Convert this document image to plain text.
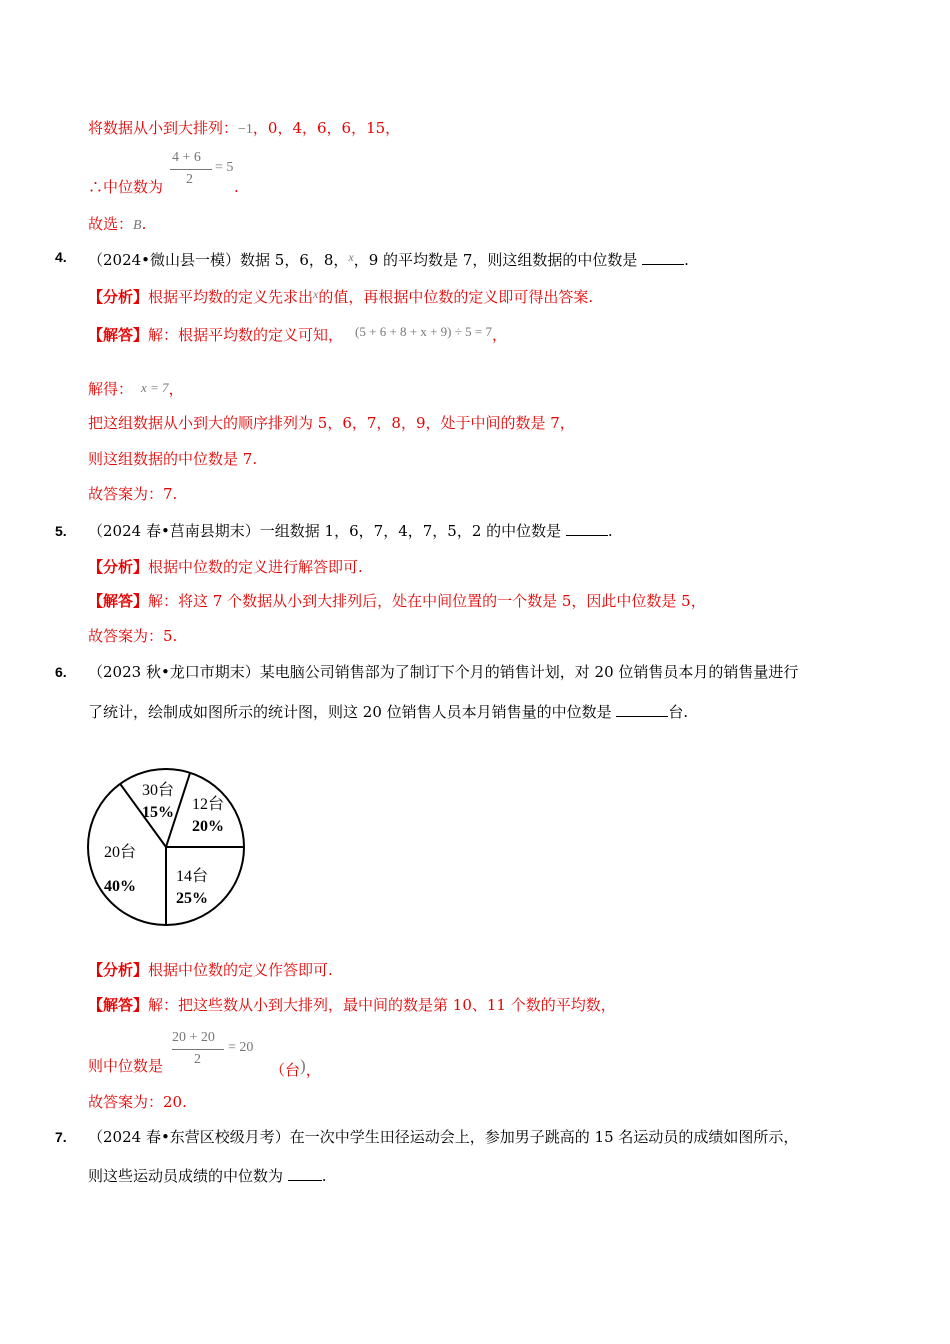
将数据从小到大排列：−1，0，4，6，6，15，
∴中位数为
4 + 6
2
= 5
.
故选：B.
4. （2024•微山县一模）数据 5，6，8，$^x$，9 的平均数是 7，则这组数据的中位数是	.
【分析】根据平均数的定义先求出$^x$的值，再根据中位数的定义即可得出答案.
【解答】解：根据平均数的定义可知， (5 + 6 + 8 + x + 9) ÷ 5 = 7，
解得： x = 7，
把这组数据从小到大的顺序排列为 5，6，7，8，9，处于中间的数是 7，
则这组数据的中位数是 7.
故答案为：7.
5. （2024 春•莒南县期末）一组数据 1，6，7，4，7，5，2 的中位数是	.
【分析】根据中位数的定义进行解答即可.
【解答】解：将这 7 个数据从小到大排列后，处在中间位置的一个数是 5，因此中位数是 5，
故答案为：5.
6. （2023 秋•龙口市期末）某电脑公司销售部为了制订下个月的销售计划，对 20 位销售员本月的销售量进行
了统计，绘制成如图所示的统计图，则这 20 位销售人员本月销售量的中位数是	台.
12台
20%
14台
25%
20台
40%
30台
15%
【分析】根据中位数的定义作答即可.
【解答】解：把这些数从小到大排列，最中间的数是第 10、11 个数的平均数，
则中位数是
20 + 20
2
= 20
（台)，
故答案为：20.
7. （2024 春•东营区校级月考）在一次中学生田径运动会上，参加男子跳高的 15 名运动员的成绩如图所示，
则这些运动员成绩的中位数为	.
